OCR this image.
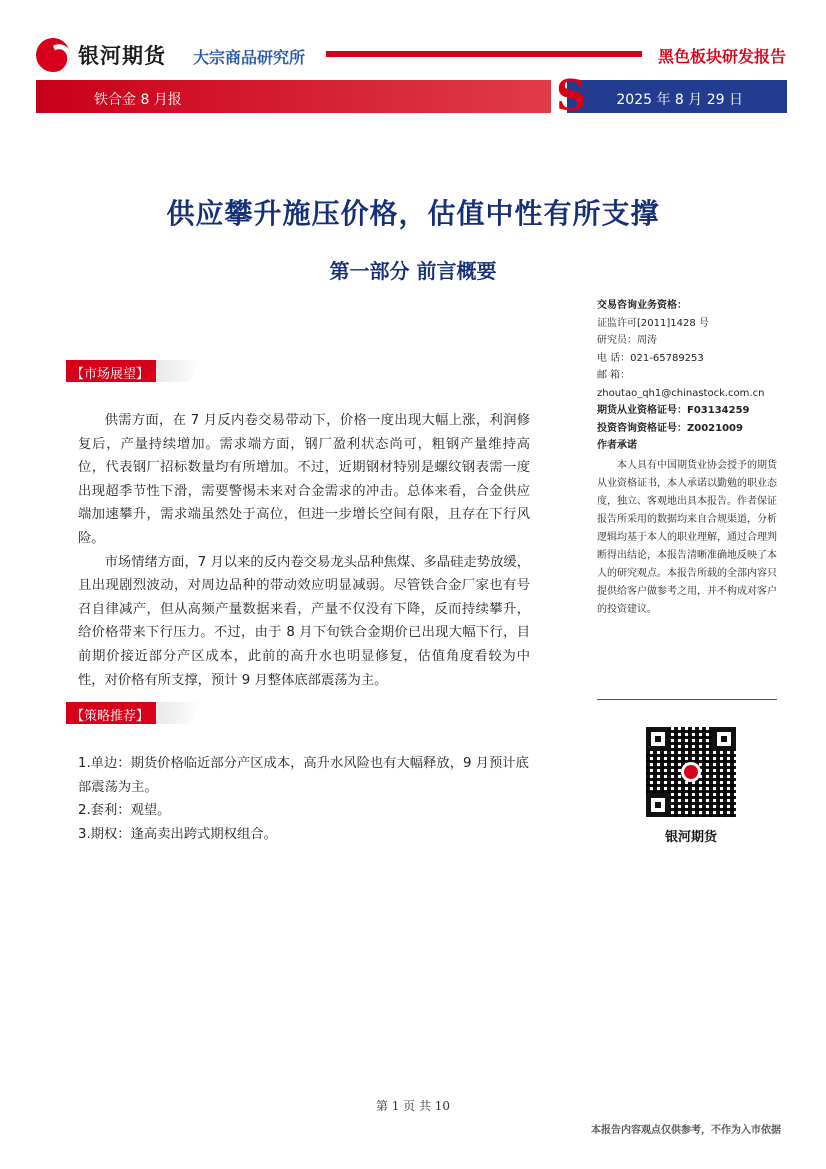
银河期货 大宗商品研究所	黑色板块研发报告
S
铁合金 8 月报	2025 年 8 月 29 日
供应攀升施压价格，估值中性有所支撑
第一部分 前言概要
【市场展望】

供需方面，在 7 月反内卷交易带动下，价格一度出现大幅上涨，利润修复后，产量持续增加。需求端方面，钢厂盈利状态尚可，粗钢产量维持高位，代表钢厂招标数量均有所增加。不过，近期钢材特别是螺纹钢表需一度出现超季节性下滑，需要警惕未来对合金需求的冲击。总体来看，合金供应端加速攀升，需求端虽然处于高位，但进一步增长空间有限，且存在下行风险。

市场情绪方面，7 月以来的反内卷交易龙头品种焦煤、多晶硅走势放缓，且出现剧烈波动，对周边品种的带动效应明显减弱。尽管铁合金厂家也有号召自律减产，但从高频产量数据来看，产量不仅没有下降，反而持续攀升，给价格带来下行压力。不过，由于 8 月下旬铁合金期价已出现大幅下行，目前期价接近部分产区成本，此前的高升水也明显修复，估值角度看较为中性，对价格有所支撑，预计 9 月整体底部震荡为主。

【策略推荐】
1.单边：期货价格临近部分产区成本，高升水风险也有大幅释放，9 月预计底部震荡为主。
2.套利：观望。
3.期权：逢高卖出跨式期权组合。
交易咨询业务资格：
证监许可[2011]1428 号
研究员：周涛
电 话：021-65789253
邮 箱：
zhoutao_qh1@chinastock.com.cn
期货从业资格证号：F03134259
投资咨询资格证号：Z0021009
作者承诺
本人具有中国期货业协会授予的期货从业资格证书，本人承诺以勤勉的职业态度，独立、客观地出具本报告。作者保证报告所采用的数据均来自合规渠道，分析逻辑均基于本人的职业理解，通过合理判断得出结论，本报告清晰准确地反映了本人的研究观点。本报告所载的全部内容只提供给客户做参考之用，并不构成对客户的投资建议。
银河期货
第 1 页 共 10
本报告内容观点仅供参考，不作为入市依据
